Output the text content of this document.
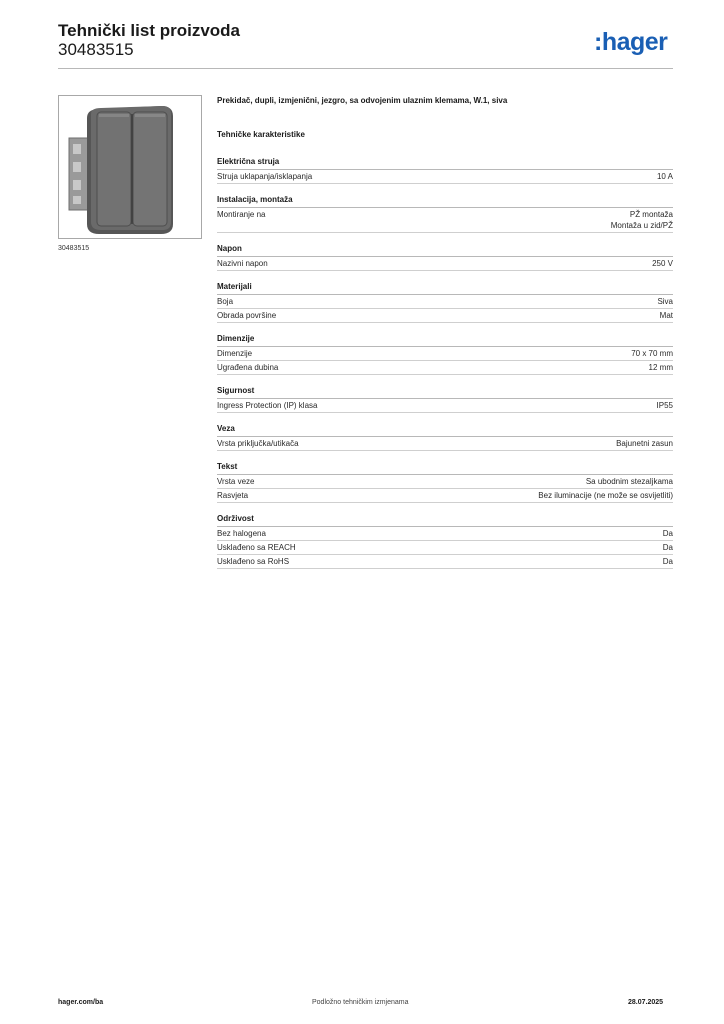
Tehnički list proizvoda
30483515	:hager
30483515
Prekidač, dupli, izmjenični, jezgro, sa odvojenim ulaznim klemama, W.1, siva
Tehničke karakteristike
Električna struja
Struja uklapanja/isklapanja	10 A
Instalacija, montaža
Montiranje na	PŽ montaža
Montaža u zid/PŽ
Napon
Nazivni napon	250 V
Materijali
Boja	Siva
Obrada površine	Mat
Dimenzije
Dimenzije	70 x 70 mm
Ugrađena dubina	12 mm
Sigurnost
Ingress Protection (IP) klasa	IP55
Veza
Vrsta priključka/utikača	Bajunetni zasun
Tekst
Vrsta veze	Sa ubodnim stezaljkama
Rasvjeta	Bez iluminacije (ne može se osvijetliti)
Održivost
Bez halogena	Da
Usklađeno sa REACH	Da
Usklađeno sa RoHS	Da
hager.com/ba	Podložno tehničkim izmjenama	28.07.2025
